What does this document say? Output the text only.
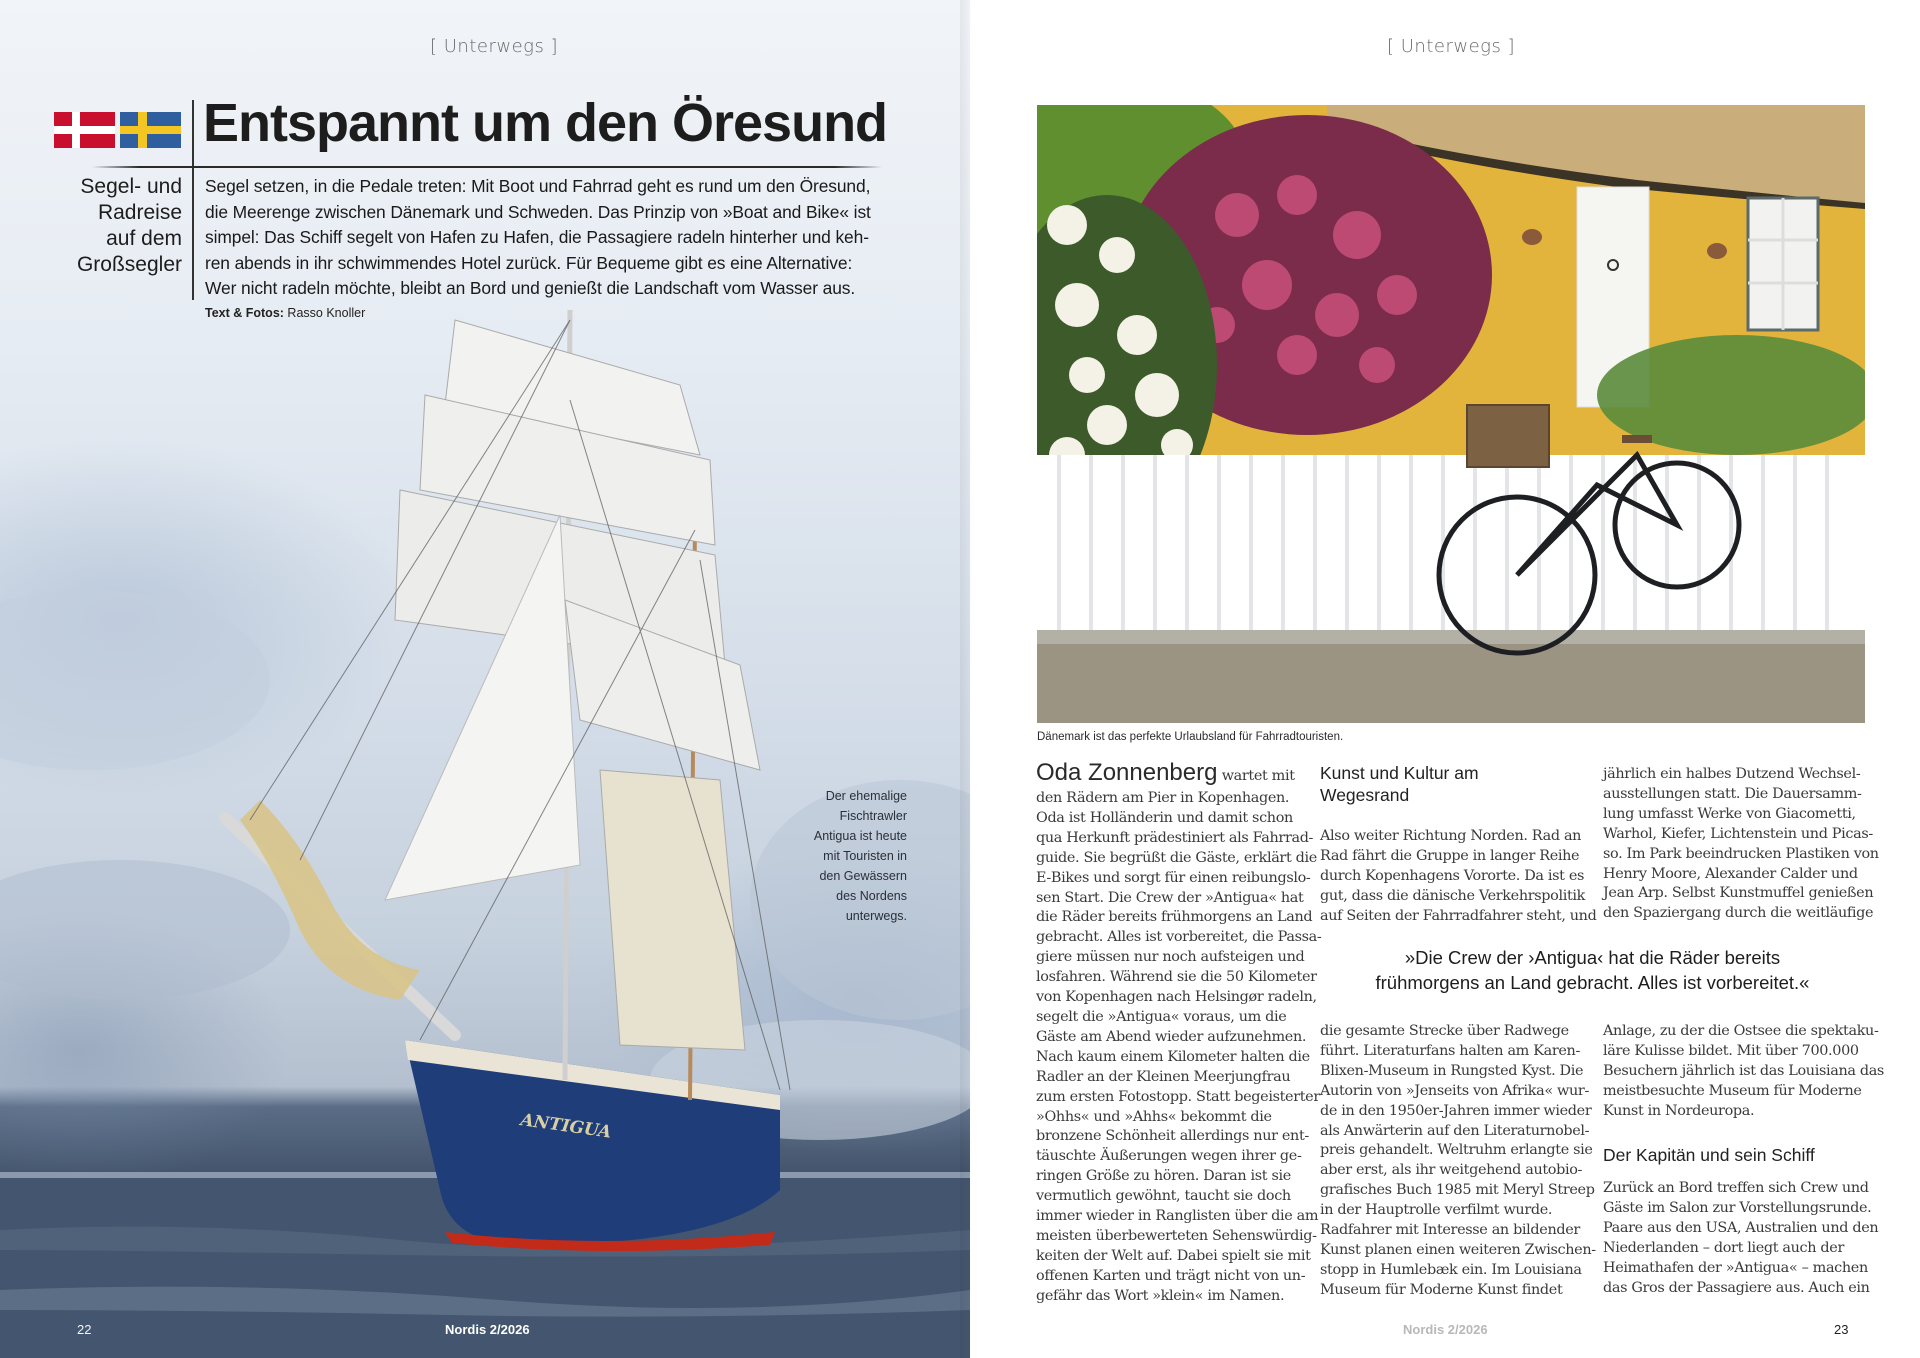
ANTIGUA
[ Unterwegs ]
Entspannt um den Öresund
Segel- und
Radreise
auf dem
Großsegler
Segel setzen, in die Pedale treten: Mit Boot und Fahrrad geht es rund um den Öresund,
die Meerenge zwischen Dänemark und Schweden. Das Prinzip von »Boat and Bike« ist
simpel: Das Schiff segelt von Hafen zu Hafen, die Passagiere radeln hinterher und keh-
ren abends in ihr schwimmendes Hotel zurück. Für Bequeme gibt es eine Alternative:
Wer nicht radeln möchte, bleibt an Bord und genießt die Landschaft vom Wasser aus.
Text & Fotos: Rasso Knoller
Der ehemalige
Fischtrawler
Antigua ist heute
mit Touristen in
den Gewässern
des Nordens
unterwegs.
22	Nordis 2/2026
[ Unterwegs ]
Dänemark ist das perfekte Urlaubsland für Fahrradtouristen.

Oda Zonnenberg wartet mit

den Rädern am Pier in Kopenhagen.

Oda ist Holländerin und damit schon

qua Herkunft prädestiniert als Fahrrad-

guide. Sie begrüßt die Gäste, erklärt die

E-Bikes und sorgt für einen reibungslo-

sen Start. Die Crew der »Antigua« hat

die Räder bereits frühmorgens an Land

gebracht. Alles ist vorbereitet, die Passa-

giere müssen nur noch aufsteigen und

losfahren. Während sie die 50 Kilometer

von Kopenhagen nach Helsingør radeln,

segelt die »Antigua« voraus, um die

Gäste am Abend wieder aufzunehmen.

Nach kaum einem Kilometer halten die

Radler an der Kleinen Meerjungfrau

zum ersten Fotostopp. Statt begeisterter

»Ohhs« und »Ahhs« bekommt die

bronzene Schönheit allerdings nur ent-

täuschte Äußerungen wegen ihrer ge-

ringen Größe zu hören. Daran ist sie

vermutlich gewöhnt, taucht sie doch

immer wieder in Ranglisten über die am

meisten überbewerteten Sehenswürdig-

keiten der Welt auf. Dabei spielt sie mit

offenen Karten und trägt nicht von un-

gefähr das Wort »klein« im Namen.

Kunst und Kultur am
Wegesrand

Also weiter Richtung Norden. Rad an

Rad fährt die Gruppe in langer Reihe

durch Kopenhagens Vororte. Da ist es

gut, dass die dänische Verkehrspolitik

auf Seiten der Fahrradfahrer steht, und

jährlich ein halbes Dutzend Wechsel-

ausstellungen statt. Die Dauersamm-

lung umfasst Werke von Giacometti,

Warhol, Kiefer, Lichtenstein und Picas-

so. Im Park beeindrucken Plastiken von

Henry Moore, Alexander Calder und

Jean Arp. Selbst Kunstmuffel genießen

den Spaziergang durch die weitläufige

»Die Crew der ›Antigua‹ hat die Räder bereits
frühmorgens an Land gebracht. Alles ist vorbereitet.«

die gesamte Strecke über Radwege

führt. Literaturfans halten am Karen-

Blixen-Museum in Rungsted Kyst. Die

Autorin von »Jenseits von Afrika« wur-

de in den 1950er-Jahren immer wieder

als Anwärterin auf den Literaturnobel-

preis gehandelt. Weltruhm erlangte sie

aber erst, als ihr weitgehend autobio-

grafisches Buch 1985 mit Meryl Streep

in der Hauptrolle verfilmt wurde.

Radfahrer mit Interesse an bildender

Kunst planen einen weiteren Zwischen-

stopp in Humlebæk ein. Im Louisiana

Museum für Moderne Kunst findet

Anlage, zu der die Ostsee die spektaku-

läre Kulisse bildet. Mit über 700.000

Besuchern jährlich ist das Louisiana das

meistbesuchte Museum für Moderne

Kunst in Nordeuropa.

Der Kapitän und sein Schiff

Zurück an Bord treffen sich Crew und

Gäste im Salon zur Vorstellungsrunde.

Paare aus den USA, Australien und den

Niederlanden – dort liegt auch der

Heimathafen der »Antigua« – machen

das Gros der Passagiere aus. Auch ein

Nordis 2/2026	23
